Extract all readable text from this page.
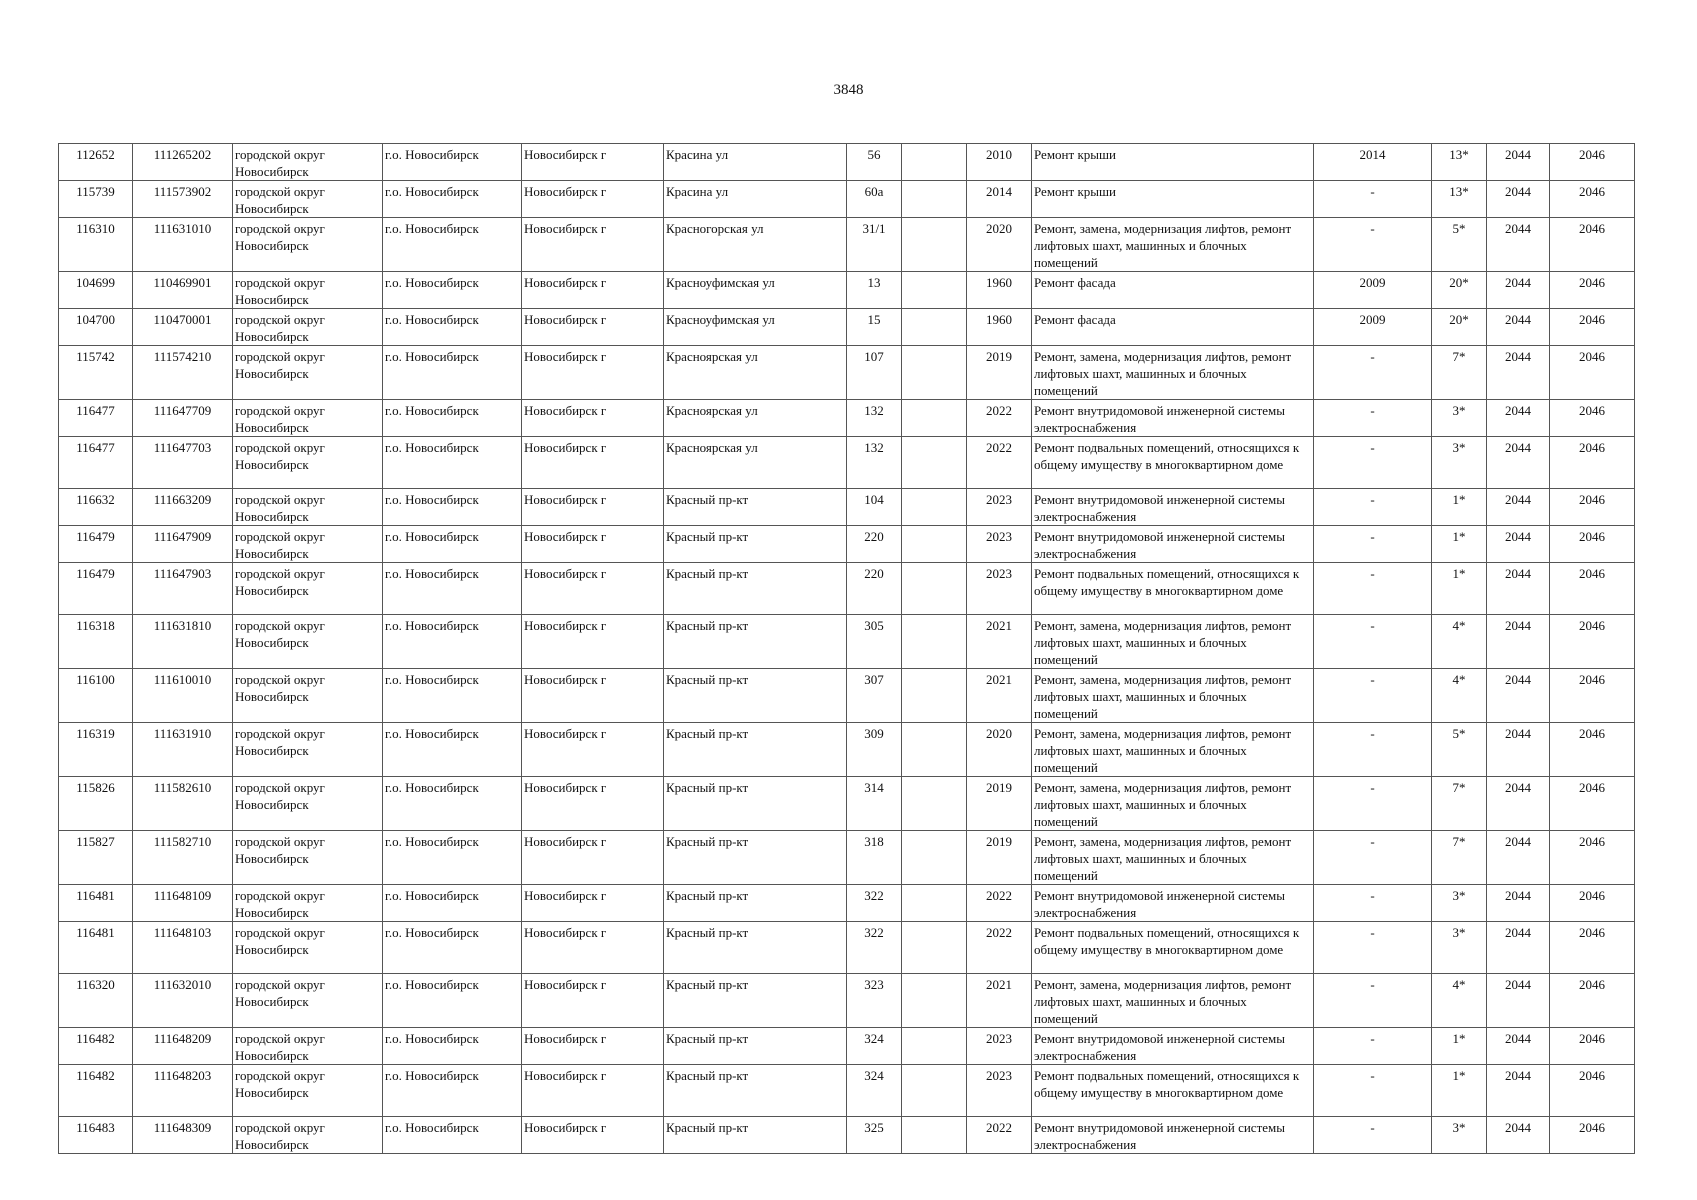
3848
112652	111265202	городской округ Новосибирск	г.о. Новосибирск	Новосибирск г	Красина ул	56		2010	Ремонт крыши	2014	13*	2044	2046
115739	111573902	городской округ Новосибирск	г.о. Новосибирск	Новосибирск г	Красина ул	60а		2014	Ремонт крыши	-	13*	2044	2046
116310	111631010	городской округ Новосибирск	г.о. Новосибирск	Новосибирск г	Красногорская ул	31/1		2020	Ремонт, замена, модернизация лифтов, ремонт лифтовых шахт, машинных и блочных помещений	-	5*	2044	2046
104699	110469901	городской округ Новосибирск	г.о. Новосибирск	Новосибирск г	Красноуфимская ул	13		1960	Ремонт фасада	2009	20*	2044	2046
104700	110470001	городской округ Новосибирск	г.о. Новосибирск	Новосибирск г	Красноуфимская ул	15		1960	Ремонт фасада	2009	20*	2044	2046
115742	111574210	городской округ Новосибирск	г.о. Новосибирск	Новосибирск г	Красноярская ул	107		2019	Ремонт, замена, модернизация лифтов, ремонт лифтовых шахт, машинных и блочных помещений	-	7*	2044	2046
116477	111647709	городской округ Новосибирск	г.о. Новосибирск	Новосибирск г	Красноярская ул	132		2022	Ремонт внутридомовой инженерной системы электроснабжения	-	3*	2044	2046
116477	111647703	городской округ Новосибирск	г.о. Новосибирск	Новосибирск г	Красноярская ул	132		2022	Ремонт подвальных помещений, относящихся к общему имуществу в многоквартирном доме	-	3*	2044	2046
116632	111663209	городской округ Новосибирск	г.о. Новосибирск	Новосибирск г	Красный пр-кт	104		2023	Ремонт внутридомовой инженерной системы электроснабжения	-	1*	2044	2046
116479	111647909	городской округ Новосибирск	г.о. Новосибирск	Новосибирск г	Красный пр-кт	220		2023	Ремонт внутридомовой инженерной системы электроснабжения	-	1*	2044	2046
116479	111647903	городской округ Новосибирск	г.о. Новосибирск	Новосибирск г	Красный пр-кт	220		2023	Ремонт подвальных помещений, относящихся к общему имуществу в многоквартирном доме	-	1*	2044	2046
116318	111631810	городской округ Новосибирск	г.о. Новосибирск	Новосибирск г	Красный пр-кт	305		2021	Ремонт, замена, модернизация лифтов, ремонт лифтовых шахт, машинных и блочных помещений	-	4*	2044	2046
116100	111610010	городской округ Новосибирск	г.о. Новосибирск	Новосибирск г	Красный пр-кт	307		2021	Ремонт, замена, модернизация лифтов, ремонт лифтовых шахт, машинных и блочных помещений	-	4*	2044	2046
116319	111631910	городской округ Новосибирск	г.о. Новосибирск	Новосибирск г	Красный пр-кт	309		2020	Ремонт, замена, модернизация лифтов, ремонт лифтовых шахт, машинных и блочных помещений	-	5*	2044	2046
115826	111582610	городской округ Новосибирск	г.о. Новосибирск	Новосибирск г	Красный пр-кт	314		2019	Ремонт, замена, модернизация лифтов, ремонт лифтовых шахт, машинных и блочных помещений	-	7*	2044	2046
115827	111582710	городской округ Новосибирск	г.о. Новосибирск	Новосибирск г	Красный пр-кт	318		2019	Ремонт, замена, модернизация лифтов, ремонт лифтовых шахт, машинных и блочных помещений	-	7*	2044	2046
116481	111648109	городской округ Новосибирск	г.о. Новосибирск	Новосибирск г	Красный пр-кт	322		2022	Ремонт внутридомовой инженерной системы электроснабжения	-	3*	2044	2046
116481	111648103	городской округ Новосибирск	г.о. Новосибирск	Новосибирск г	Красный пр-кт	322		2022	Ремонт подвальных помещений, относящихся к общему имуществу в многоквартирном доме	-	3*	2044	2046
116320	111632010	городской округ Новосибирск	г.о. Новосибирск	Новосибирск г	Красный пр-кт	323		2021	Ремонт, замена, модернизация лифтов, ремонт лифтовых шахт, машинных и блочных помещений	-	4*	2044	2046
116482	111648209	городской округ Новосибирск	г.о. Новосибирск	Новосибирск г	Красный пр-кт	324		2023	Ремонт внутридомовой инженерной системы электроснабжения	-	1*	2044	2046
116482	111648203	городской округ Новосибирск	г.о. Новосибирск	Новосибирск г	Красный пр-кт	324		2023	Ремонт подвальных помещений, относящихся к общему имуществу в многоквартирном доме	-	1*	2044	2046
116483	111648309	городской округ Новосибирск	г.о. Новосибирск	Новосибирск г	Красный пр-кт	325		2022	Ремонт внутридомовой инженерной системы электроснабжения	-	3*	2044	2046
